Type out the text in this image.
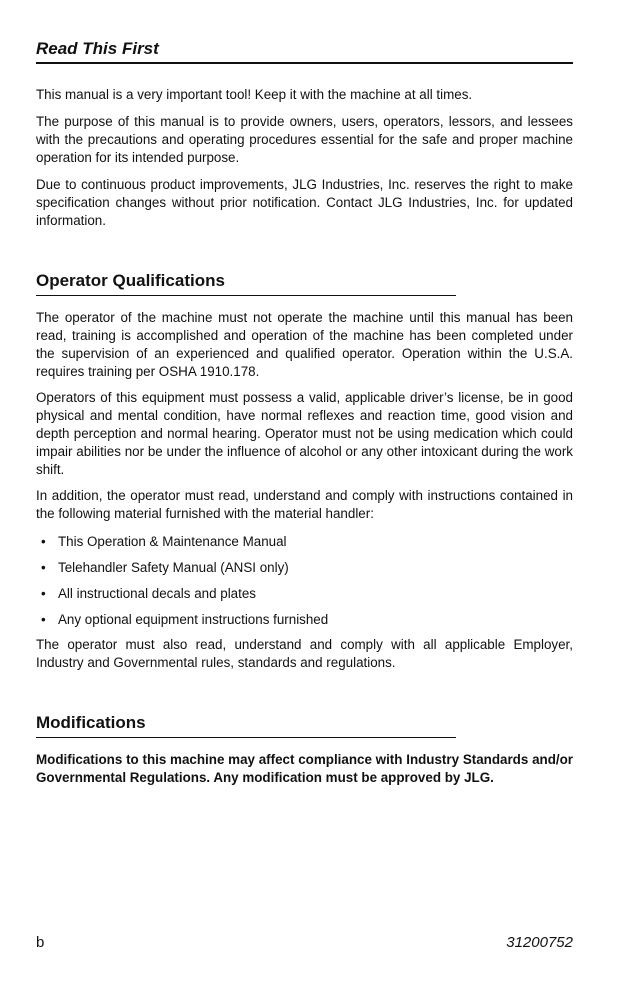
Read This First

This manual is a very important tool! Keep it with the machine at all times.

The purpose of this manual is to provide owners, users, operators, lessors, and lessees with the precautions and operating procedures essential for the safe and proper machine operation for its intended purpose.

Due to continuous product improvements, JLG Industries, Inc. reserves the right to make specification changes without prior notification. Contact JLG Industries, Inc. for updated information.

Operator Qualifications

The operator of the machine must not operate the machine until this manual has been read, training is accomplished and operation of the machine has been completed under the supervision of an experienced and qualified operator. Operation within the U.S.A. requires training per OSHA 1910.178.

Operators of this equipment must possess a valid, applicable driver’s license, be in good physical and mental condition, have normal reflexes and reaction time, good vision and depth perception and normal hearing. Operator must not be using medication which could impair abilities nor be under the influence of alcohol or any other intoxicant during the work shift.

In addition, the operator must read, understand and comply with instructions contained in the following material furnished with the material handler:

• This Operation & Maintenance Manual
• Telehandler Safety Manual (ANSI only)
• All instructional decals and plates
• Any optional equipment instructions furnished

The operator must also read, understand and comply with all applicable Employer, Industry and Governmental rules, standards and regulations.

Modifications

Modifications to this machine may affect compliance with Industry Standards and/or Governmental Regulations. Any modification must be approved by JLG.

b	31200752
